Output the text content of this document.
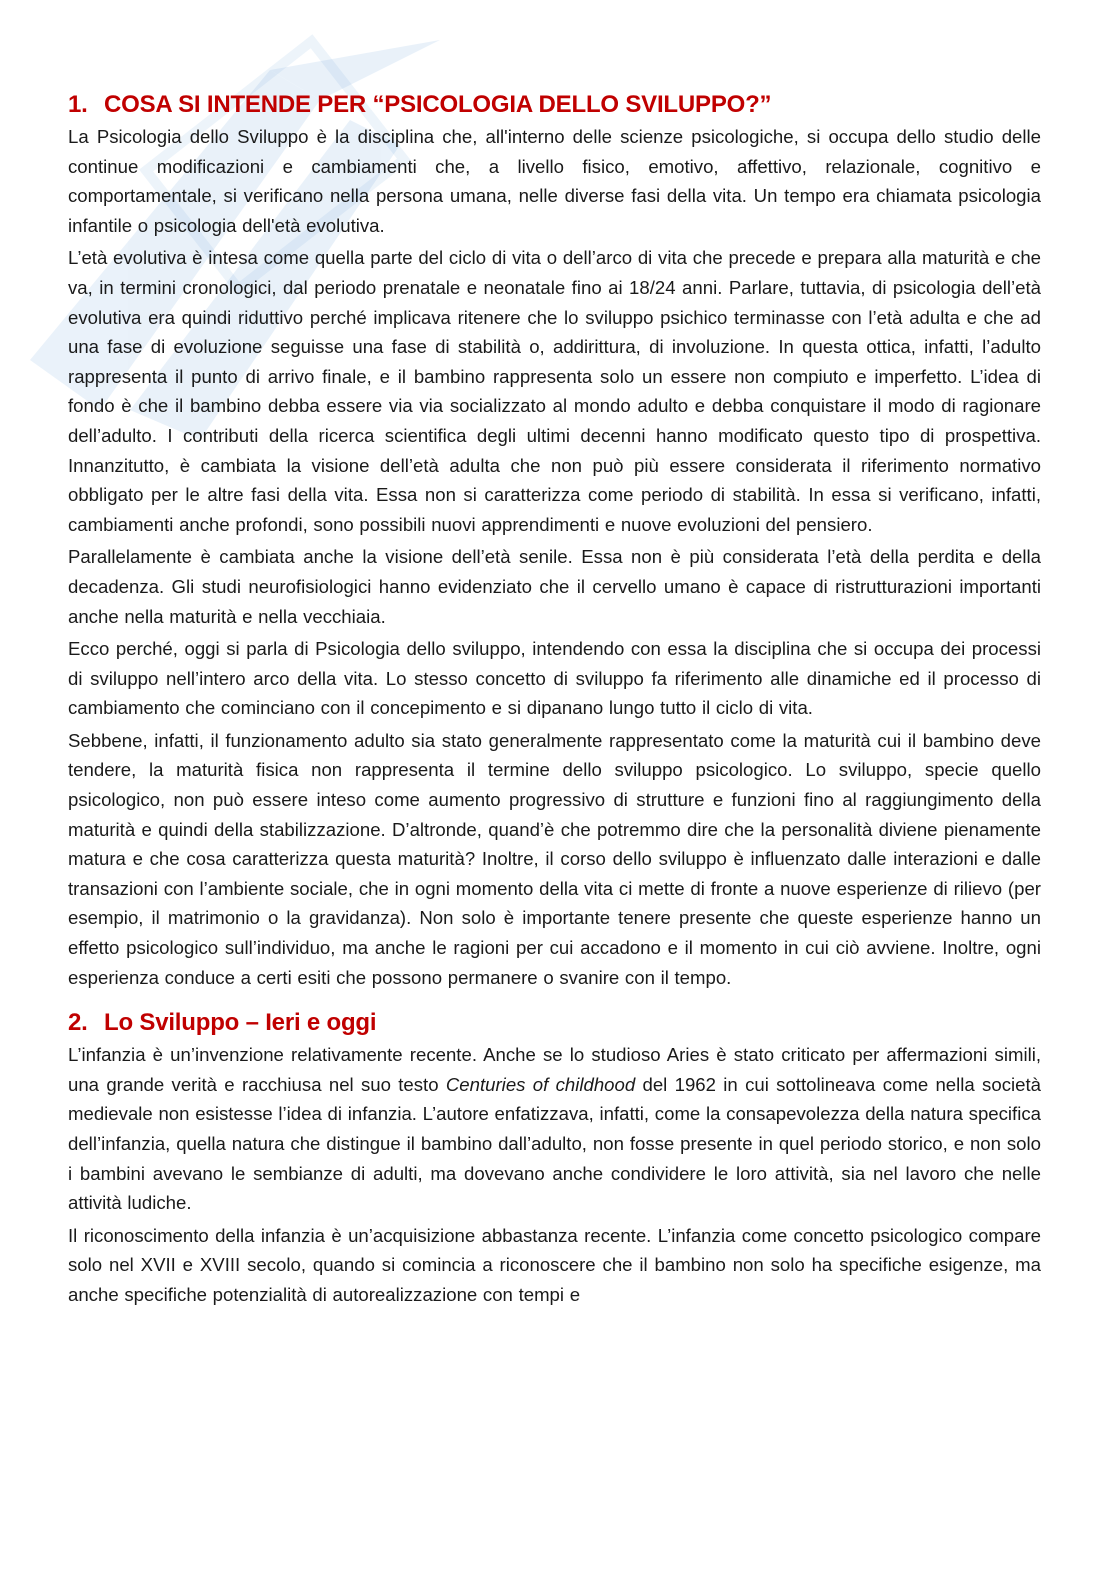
1. COSA SI INTENDE PER “PSICOLOGIA DELLO SVILUPPO?”

La Psicologia dello Sviluppo è la disciplina che, all'interno delle scienze psicologiche, si occupa dello studio delle continue modificazioni e cambiamenti che, a livello fisico, emotivo, affettivo, relazionale, cognitivo e comportamentale, si verificano nella persona umana, nelle diverse fasi della vita. Un tempo era chiamata psicologia infantile o psicologia dell'età evolutiva.

L’età evolutiva è intesa come quella parte del ciclo di vita o dell’arco di vita che precede e prepara alla maturità e che va, in termini cronologici, dal periodo prenatale e neonatale fino ai 18/24 anni. Parlare, tuttavia, di psicologia dell’età evolutiva era quindi riduttivo perché implicava ritenere che lo sviluppo psichico terminasse con l’età adulta e che ad una fase di evoluzione seguisse una fase di stabilità o, addirittura, di involuzione. In questa ottica, infatti, l’adulto rappresenta il punto di arrivo finale, e il bambino rappresenta solo un essere non compiuto e imperfetto. L’idea di fondo è che il bambino debba essere via via socializzato al mondo adulto e debba conquistare il modo di ragionare dell’adulto. I contributi della ricerca scientifica degli ultimi decenni hanno modificato questo tipo di prospettiva. Innanzitutto, è cambiata la visione dell’età adulta che non può più essere considerata il riferimento normativo obbligato per le altre fasi della vita. Essa non si caratterizza come periodo di stabilità. In essa si verificano, infatti, cambiamenti anche profondi, sono possibili nuovi apprendimenti e nuove evoluzioni del pensiero.

Parallelamente è cambiata anche la visione dell’età senile. Essa non è più considerata l’età della perdita e della decadenza. Gli studi neurofisiologici hanno evidenziato che il cervello umano è capace di ristrutturazioni importanti anche nella maturità e nella vecchiaia.

Ecco perché, oggi si parla di Psicologia dello sviluppo, intendendo con essa la disciplina che si occupa dei processi di sviluppo nell’intero arco della vita. Lo stesso concetto di sviluppo fa riferimento alle dinamiche ed il processo di cambiamento che cominciano con il concepimento e si dipanano lungo tutto il ciclo di vita.

Sebbene, infatti, il funzionamento adulto sia stato generalmente rappresentato come la maturità cui il bambino deve tendere, la maturità fisica non rappresenta il termine dello sviluppo psicologico. Lo sviluppo, specie quello psicologico, non può essere inteso come aumento progressivo di strutture e funzioni fino al raggiungimento della maturità e quindi della stabilizzazione. D’altronde, quand’è che potremmo dire che la personalità diviene pienamente matura e che cosa caratterizza questa maturità? Inoltre, il corso dello sviluppo è influenzato dalle interazioni e dalle transazioni con l’ambiente sociale, che in ogni momento della vita ci mette di fronte a nuove esperienze di rilievo (per esempio, il matrimonio o la gravidanza). Non solo è importante tenere presente che queste esperienze hanno un effetto psicologico sull’individuo, ma anche le ragioni per cui accadono e il momento in cui ciò avviene. Inoltre, ogni esperienza conduce a certi esiti che possono permanere o svanire con il tempo.

2. Lo Sviluppo – Ieri e oggi

L’infanzia è un’invenzione relativamente recente. Anche se lo studioso Aries è stato criticato per affermazioni simili, una grande verità e racchiusa nel suo testo Centuries of childhood del 1962 in cui sottolineava come nella società medievale non esistesse l’idea di infanzia. L’autore enfatizzava, infatti, come la consapevolezza della natura specifica dell’infanzia, quella natura che distingue il bambino dall’adulto, non fosse presente in quel periodo storico, e non solo i bambini avevano le sembianze di adulti, ma dovevano anche condividere le loro attività, sia nel lavoro che nelle attività ludiche.

Il riconoscimento della infanzia è un’acquisizione abbastanza recente. L’infanzia come concetto psicologico compare solo nel XVII e XVIII secolo, quando si comincia a riconoscere che il bambino non solo ha specifiche esigenze, ma anche specifiche potenzialità di autorealizzazione con tempi e
